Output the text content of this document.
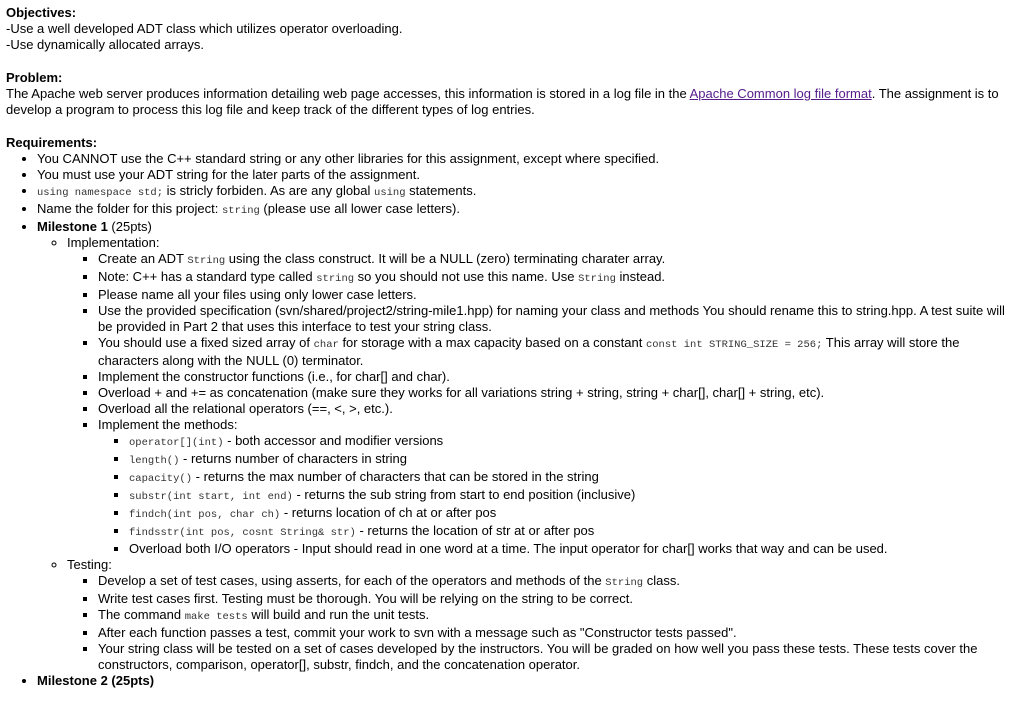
Objectives:

-Use a well developed ADT class which utilizes operator overloading.

-Use dynamically allocated arrays.

Problem:

The Apache web server produces information detailing web page accesses, this information is stored in a log file in the Apache Common log file format. The assignment is to develop a program to process this log file and keep track of the different types of log entries.

Requirements:
• You CANNOT use the C++ standard string or any other libraries for this assignment, except where specified.
• You must use your ADT string for the later parts of the assignment.
• using namespace std; is stricly forbiden. As are any global using statements.
• Name the folder for this project: string (please use all lower case letters).
• Milestone 1 (25pts)
◦ Implementation:
▪ Create an ADT String using the class construct. It will be a NULL (zero) terminating charater array.
▪ Note: C++ has a standard type called string so you should not use this name. Use String instead.
▪ Please name all your files using only lower case letters.
▪ Use the provided specification (svn/shared/project2/string-mile1.hpp) for naming your class and methods You should rename this to string.hpp. A test suite will be provided in Part 2 that uses this interface to test your string class.
▪ You should use a fixed sized array of char for storage with a max capacity based on a constant const int STRING_SIZE = 256; This array will store the characters along with the NULL (0) terminator.
▪ Implement the constructor functions (i.e., for char[] and char).
▪ Overload + and += as concatenation (make sure they works for all variations string + string, string + char[], char[] + string, etc).
▪ Overload all the relational operators (==, <, >, etc.).
▪ Implement the methods:
▪ operator[](int) - both accessor and modifier versions
▪ length() - returns number of characters in string
▪ capacity() - returns the max number of characters that can be stored in the string
▪ substr(int start, int end) - returns the sub string from start to end position (inclusive)
▪ findch(int pos, char ch) - returns location of ch at or after pos
▪ findsstr(int pos, cosnt String& str) - returns the location of str at or after pos
▪ Overload both I/O operators - Input should read in one word at a time. The input operator for char[] works that way and can be used.
◦ Testing:
▪ Develop a set of test cases, using asserts, for each of the operators and methods of the String class.
▪ Write test cases first. Testing must be thorough. You will be relying on the string to be correct.
▪ The command make tests will build and run the unit tests.
▪ After each function passes a test, commit your work to svn with a message such as "Constructor tests passed".
▪ Your string class will be tested on a set of cases developed by the instructors. You will be graded on how well you pass these tests. These tests cover the constructors, comparison, operator[], substr, findch, and the concatenation operator.
• Milestone 2 (25pts)
